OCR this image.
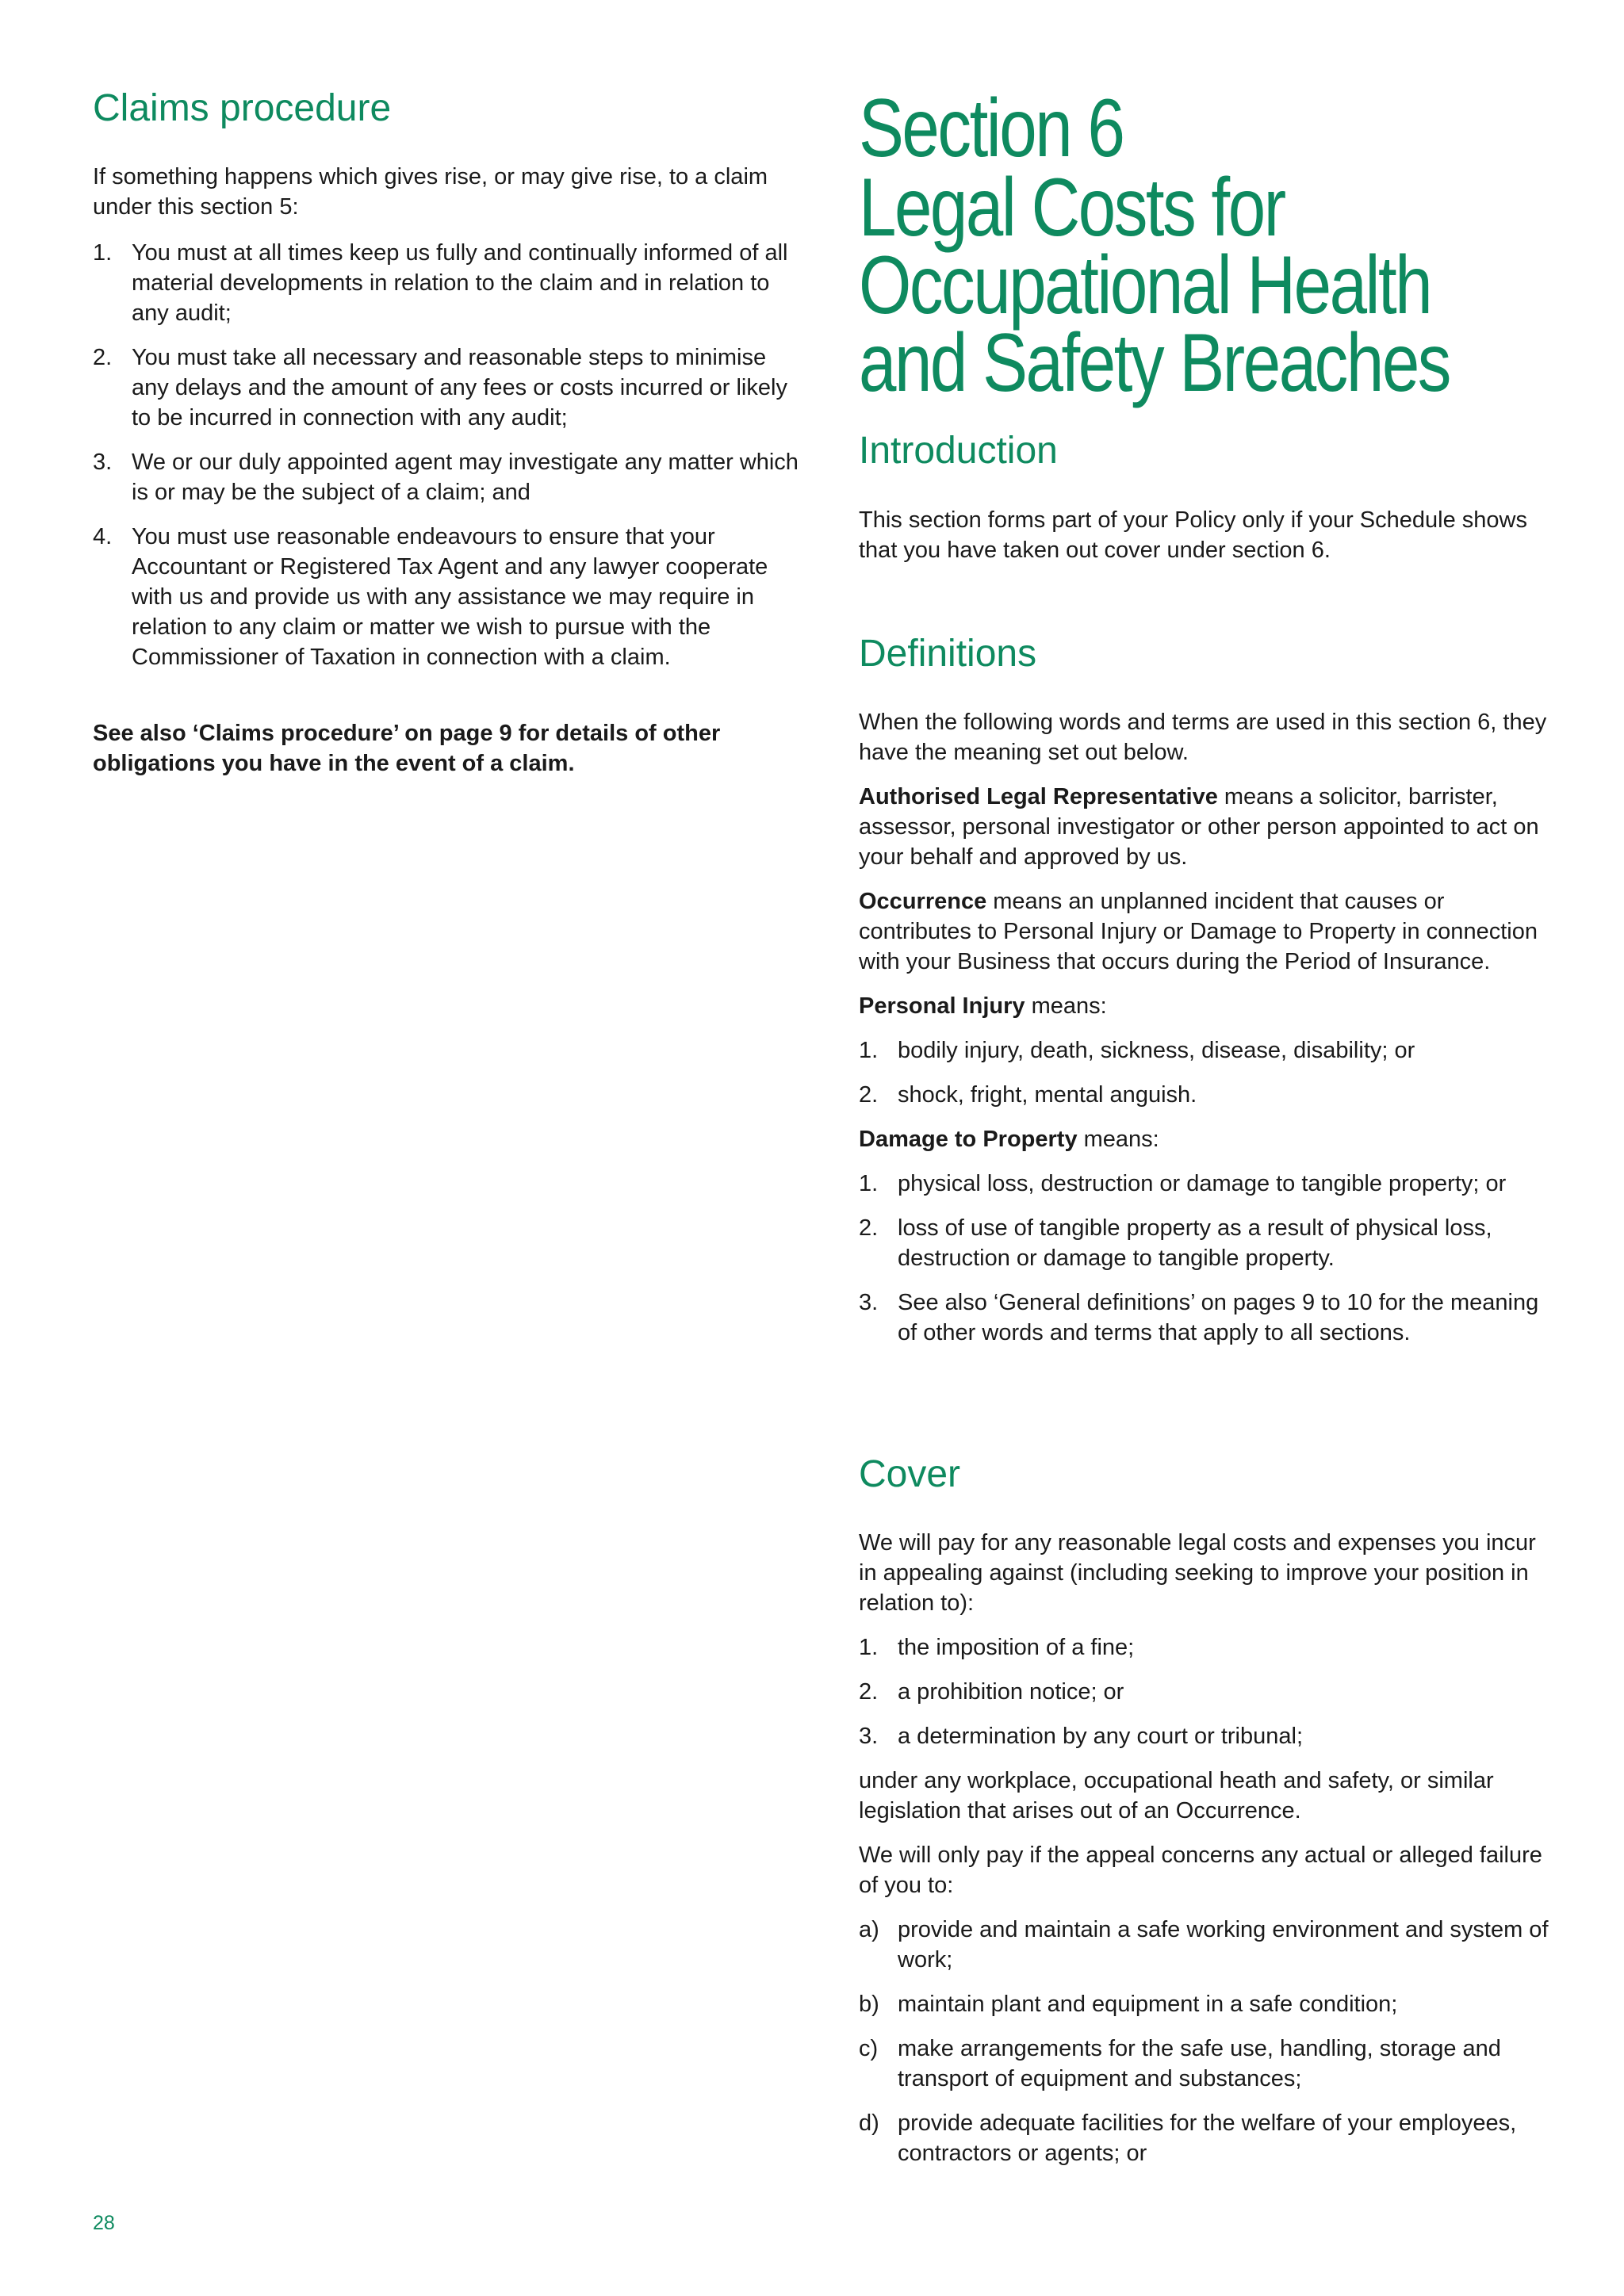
Claims procedure

If something happens which gives rise, or may give rise, to a claim under this section 5:

1. You must at all times keep us fully and continually informed of all material developments in relation to the claim and in relation to any audit;
2. You must take all necessary and reasonable steps to minimise any delays and the amount of any fees or costs incurred or likely to be incurred in connection with any audit;
3. We or our duly appointed agent may investigate any matter which is or may be the subject of a claim; and
4. You must use reasonable endeavours to ensure that your Accountant or Registered Tax Agent and any lawyer cooperate with us and provide us with any assistance we may require in relation to any claim or matter we wish to pursue with the Commissioner of Taxation in connection with a claim.

See also ‘Claims procedure’ on page 9 for details of other obligations you have in the event of a claim.

Section 6
Legal Costs for
Occupational Health
and Safety Breaches
Introduction

This section forms part of your Policy only if your Schedule shows that you have taken out cover under section 6.

Definitions

When the following words and terms are used in this section 6, they have the meaning set out below.

Authorised Legal Representative means a solicitor, barrister, assessor, personal investigator or other person appointed to act on your behalf and approved by us.

Occurrence means an unplanned incident that causes or contributes to Personal Injury or Damage to Property in connection with your Business that occurs during the Period of Insurance.

Personal Injury means:

1. bodily injury, death, sickness, disease, disability; or
2. shock, fright, mental anguish.

Damage to Property means:

1. physical loss, destruction or damage to tangible property; or
2. loss of use of tangible property as a result of physical loss, destruction or damage to tangible property.
3. See also ‘General definitions’ on pages 9 to 10 for the meaning of other words and terms that apply to all sections.
Cover

We will pay for any reasonable legal costs and expenses you incur in appealing against (including seeking to improve your position in relation to):

1. the imposition of a fine;
2. a prohibition notice; or
3. a determination by any court or tribunal;

under any workplace, occupational heath and safety, or similar legislation that arises out of an Occurrence.

We will only pay if the appeal concerns any actual or alleged failure of you to:

a) provide and maintain a safe working environment and system of work;
b) maintain plant and equipment in a safe condition;
c) make arrangements for the safe use, handling, storage and transport of equipment and substances;
d) provide adequate facilities for the welfare of your employees, contractors or agents; or
28
